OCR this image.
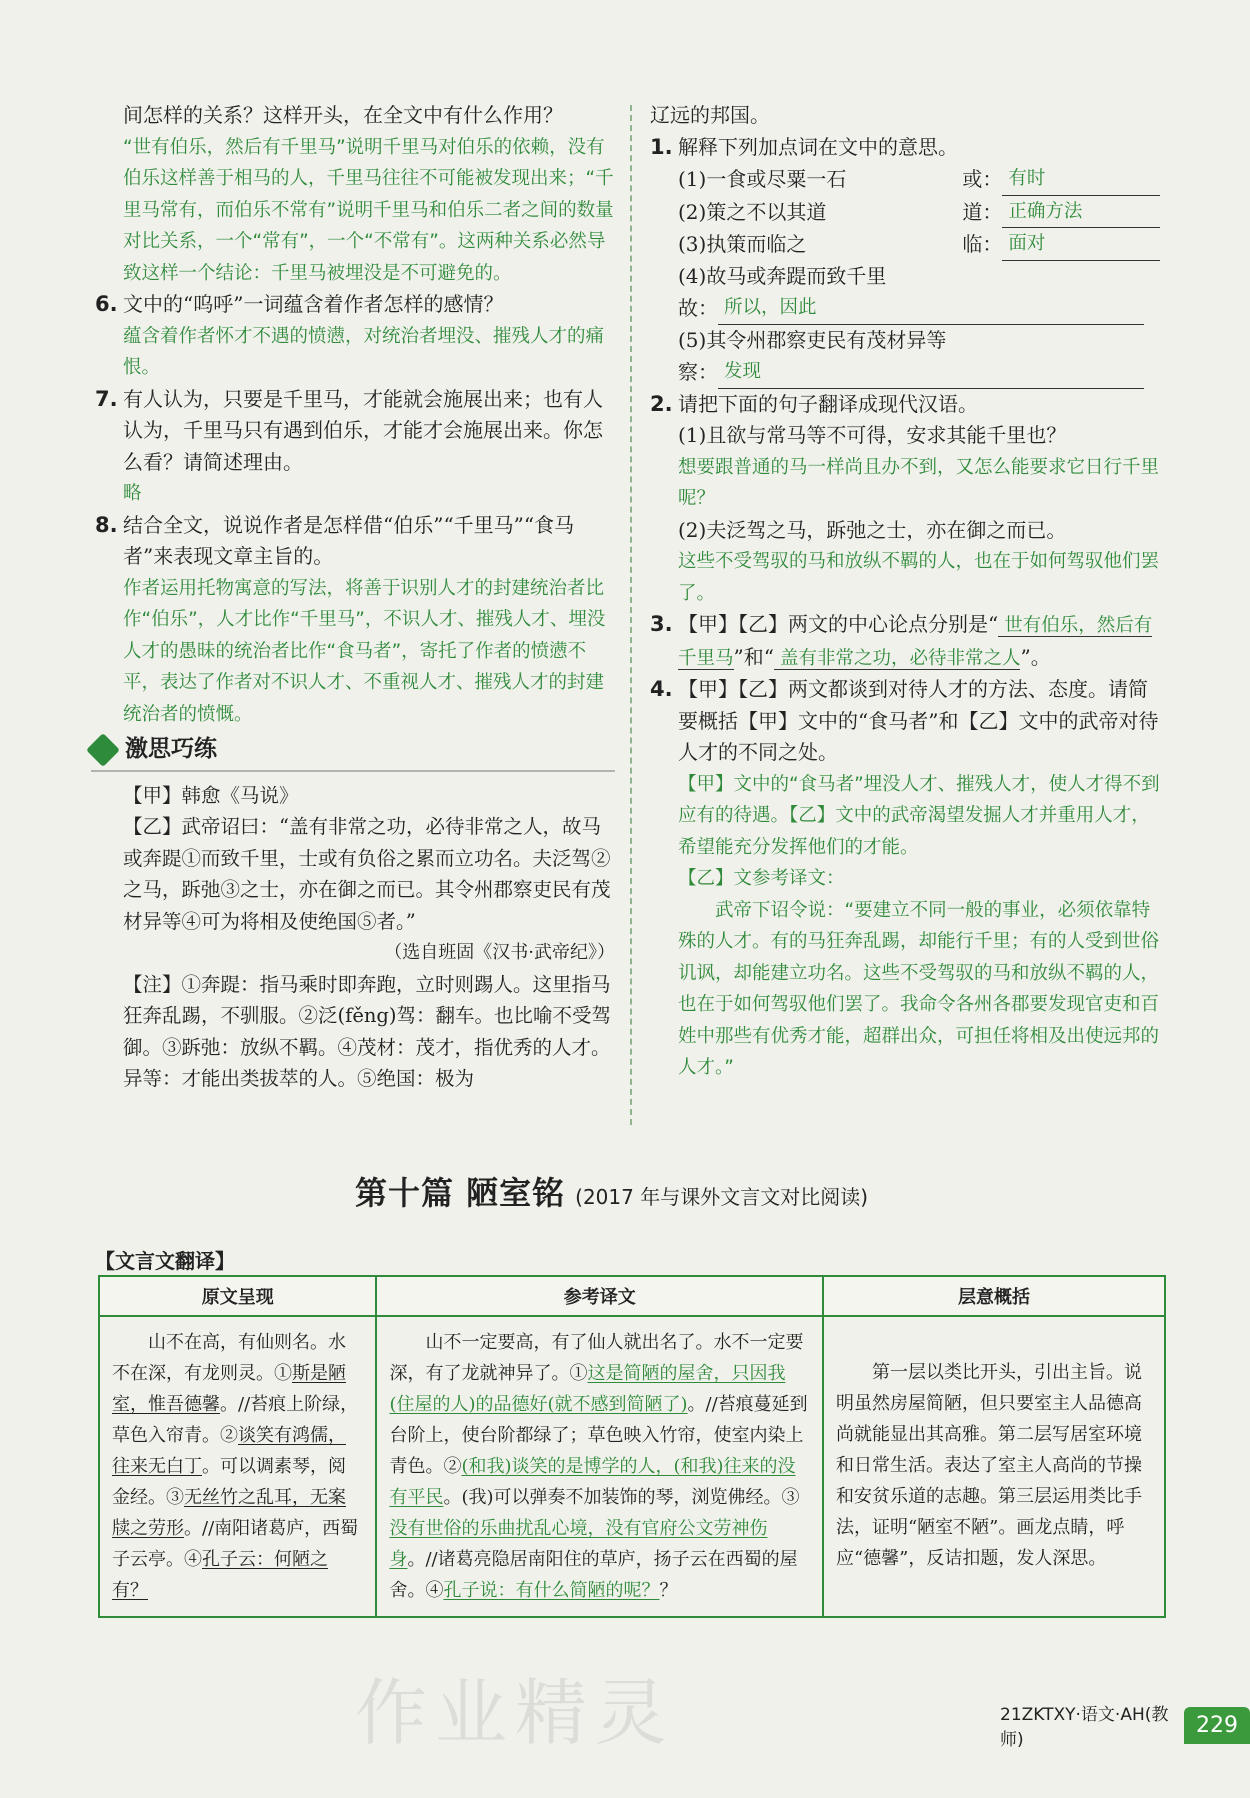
间怎样的关系？这样开头，在全文中有什么作用？
“世有伯乐，然后有千里马”说明千里马对伯乐的依赖，没有伯乐这样善于相马的人，千里马往往不可能被发现出来；“千里马常有，而伯乐不常有”说明千里马和伯乐二者之间的数量对比关系，一个“常有”，一个“不常有”。这两种关系必然导致这样一个结论：千里马被埋没是不可避免的。
6. 文中的“呜呼”一词蕴含着作者怎样的感情？
蕴含着作者怀才不遇的愤懑，对统治者埋没、摧残人才的痛恨。
7. 有人认为，只要是千里马，才能就会施展出来；也有人认为，千里马只有遇到伯乐，才能才会施展出来。你怎么看？请简述理由。
略
8. 结合全文，说说作者是怎样借“伯乐”“千里马”“食马者”来表现文章主旨的。
作者运用托物寓意的写法，将善于识别人才的封建统治者比作“伯乐”，人才比作“千里马”，不识人才、摧残人才、埋没人才的愚昧的统治者比作“食马者”，寄托了作者的愤懑不平，表达了作者对不识人才、不重视人才、摧残人才的封建统治者的愤慨。
激思巧练
【甲】韩愈《马说》
【乙】武帝诏曰：“盖有非常之功，必待非常之人，故马或奔踶①而致千里，士或有负俗之累而立功名。夫泛驾②之马，跅弛③之士，亦在御之而已。其令州郡察吏民有茂材异等④可为将相及使绝国⑤者。”
（选自班固《汉书·武帝纪》）
【注】①奔踶：指马乘时即奔跑，立时则踢人。这里指马狂奔乱踢，不驯服。②泛(fěng)驾：翻车。也比喻不受驾御。③跅弛：放纵不羁。④茂材：茂才，指优秀的人才。异等：才能出类拔萃的人。⑤绝国：极为
辽远的邦国。
1. 解释下列加点词在文中的意思。
(1)一食或尽粟一石	或： 有时
(2)策之不以其道	道： 正确方法
(3)执策而临之	临： 面对
(4)故马或奔踶而致千里
故： 所以，因此
(5)其令州郡察吏民有茂材异等
察： 发现
2. 请把下面的句子翻译成现代汉语。
(1)且欲与常马等不可得，安求其能千里也？
想要跟普通的马一样尚且办不到，又怎么能要求它日行千里呢？
(2)夫泛驾之马，跅弛之士，亦在御之而已。
这些不受驾驭的马和放纵不羁的人，也在于如何驾驭他们罢了。
3. 【甲】【乙】两文的中心论点分别是“ 世有伯乐，然后有千里马”和“ 盖有非常之功，必待非常之人”。
4. 【甲】【乙】两文都谈到对待人才的方法、态度。请简要概括【甲】文中的“食马者”和【乙】文中的武帝对待人才的不同之处。
【甲】文中的“食马者”埋没人才、摧残人才，使人才得不到应有的待遇。【乙】文中的武帝渴望发掘人才并重用人才，希望能充分发挥他们的才能。
【乙】文参考译文：
武帝下诏令说：“要建立不同一般的事业，必须依靠特殊的人才。有的马狂奔乱踢，却能行千里；有的人受到世俗讥讽，却能建立功名。这些不受驾驭的马和放纵不羁的人，也在于如何驾驭他们罢了。我命令各州各郡要发现官吏和百姓中那些有优秀才能，超群出众，可担任将相及出使远邦的人才。”
第十篇 陋室铭 (2017 年与课外文言文对比阅读)
【文言文翻译】
原文呈现	参考译文	层意概括
山不在高，有仙则名。水不在深，有龙则灵。①斯是陋室，惟吾德馨。//苔痕上阶绿，草色入帘青。②谈笑有鸿儒，往来无白丁。可以调素琴，阅金经。③无丝竹之乱耳，无案牍之劳形。//南阳诸葛庐，西蜀子云亭。④孔子云：何陋之有？	山不一定要高，有了仙人就出名了。水不一定要深，有了龙就神异了。①这是简陋的屋舍，只因我(住屋的人)的品德好(就不感到简陋了)。//苔痕蔓延到台阶上，使台阶都绿了；草色映入竹帘，使室内染上青色。②(和我)谈笑的是博学的人，(和我)往来的没有平民。(我)可以弹奏不加装饰的琴，浏览佛经。③没有世俗的乐曲扰乱心境，没有官府公文劳神伤身。//诸葛亮隐居南阳住的草庐，扬子云在西蜀的屋舍。④孔子说：有什么简陋的呢？？	第一层以类比开头，引出主旨。说明虽然房屋简陋，但只要室主人品德高尚就能显出其高雅。第二层写居室环境和日常生活。表达了室主人高尚的节操和安贫乐道的志趣。第三层运用类比手法，证明“陋室不陋”。画龙点睛，呼应“德馨”，反诘扣题，发人深思。
作业精灵	21ZKTXY·语文·AH(教师)
229
